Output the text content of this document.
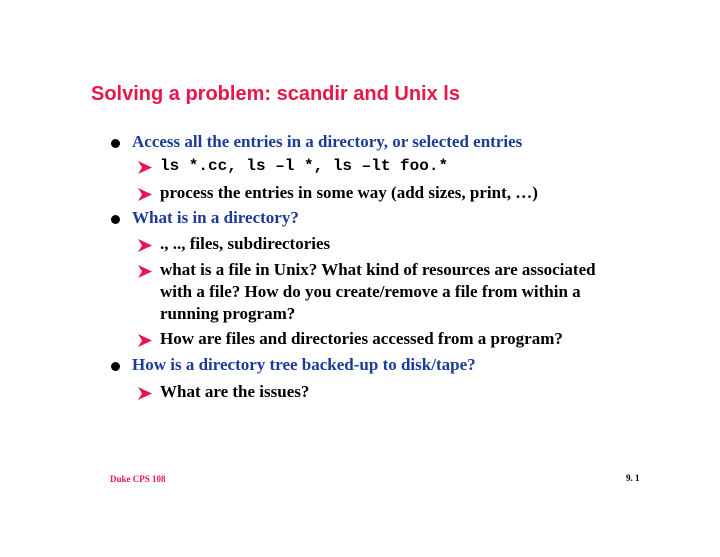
Solving a problem: scandir and Unix ls
Access all the entries in a directory, or selected entries
ls *.cc, ls –l *, ls –lt foo.*
process the entries in some way (add sizes, print, …)
What is in a directory?
., .., files, subdirectories
what is a file in Unix? What kind of resources are associated with a file? How do you create/remove a file from within a running program?
How are files and directories accessed from a program?
How is a directory tree backed-up to disk/tape?
What are the issues?
Duke CPS 108	9. 1
